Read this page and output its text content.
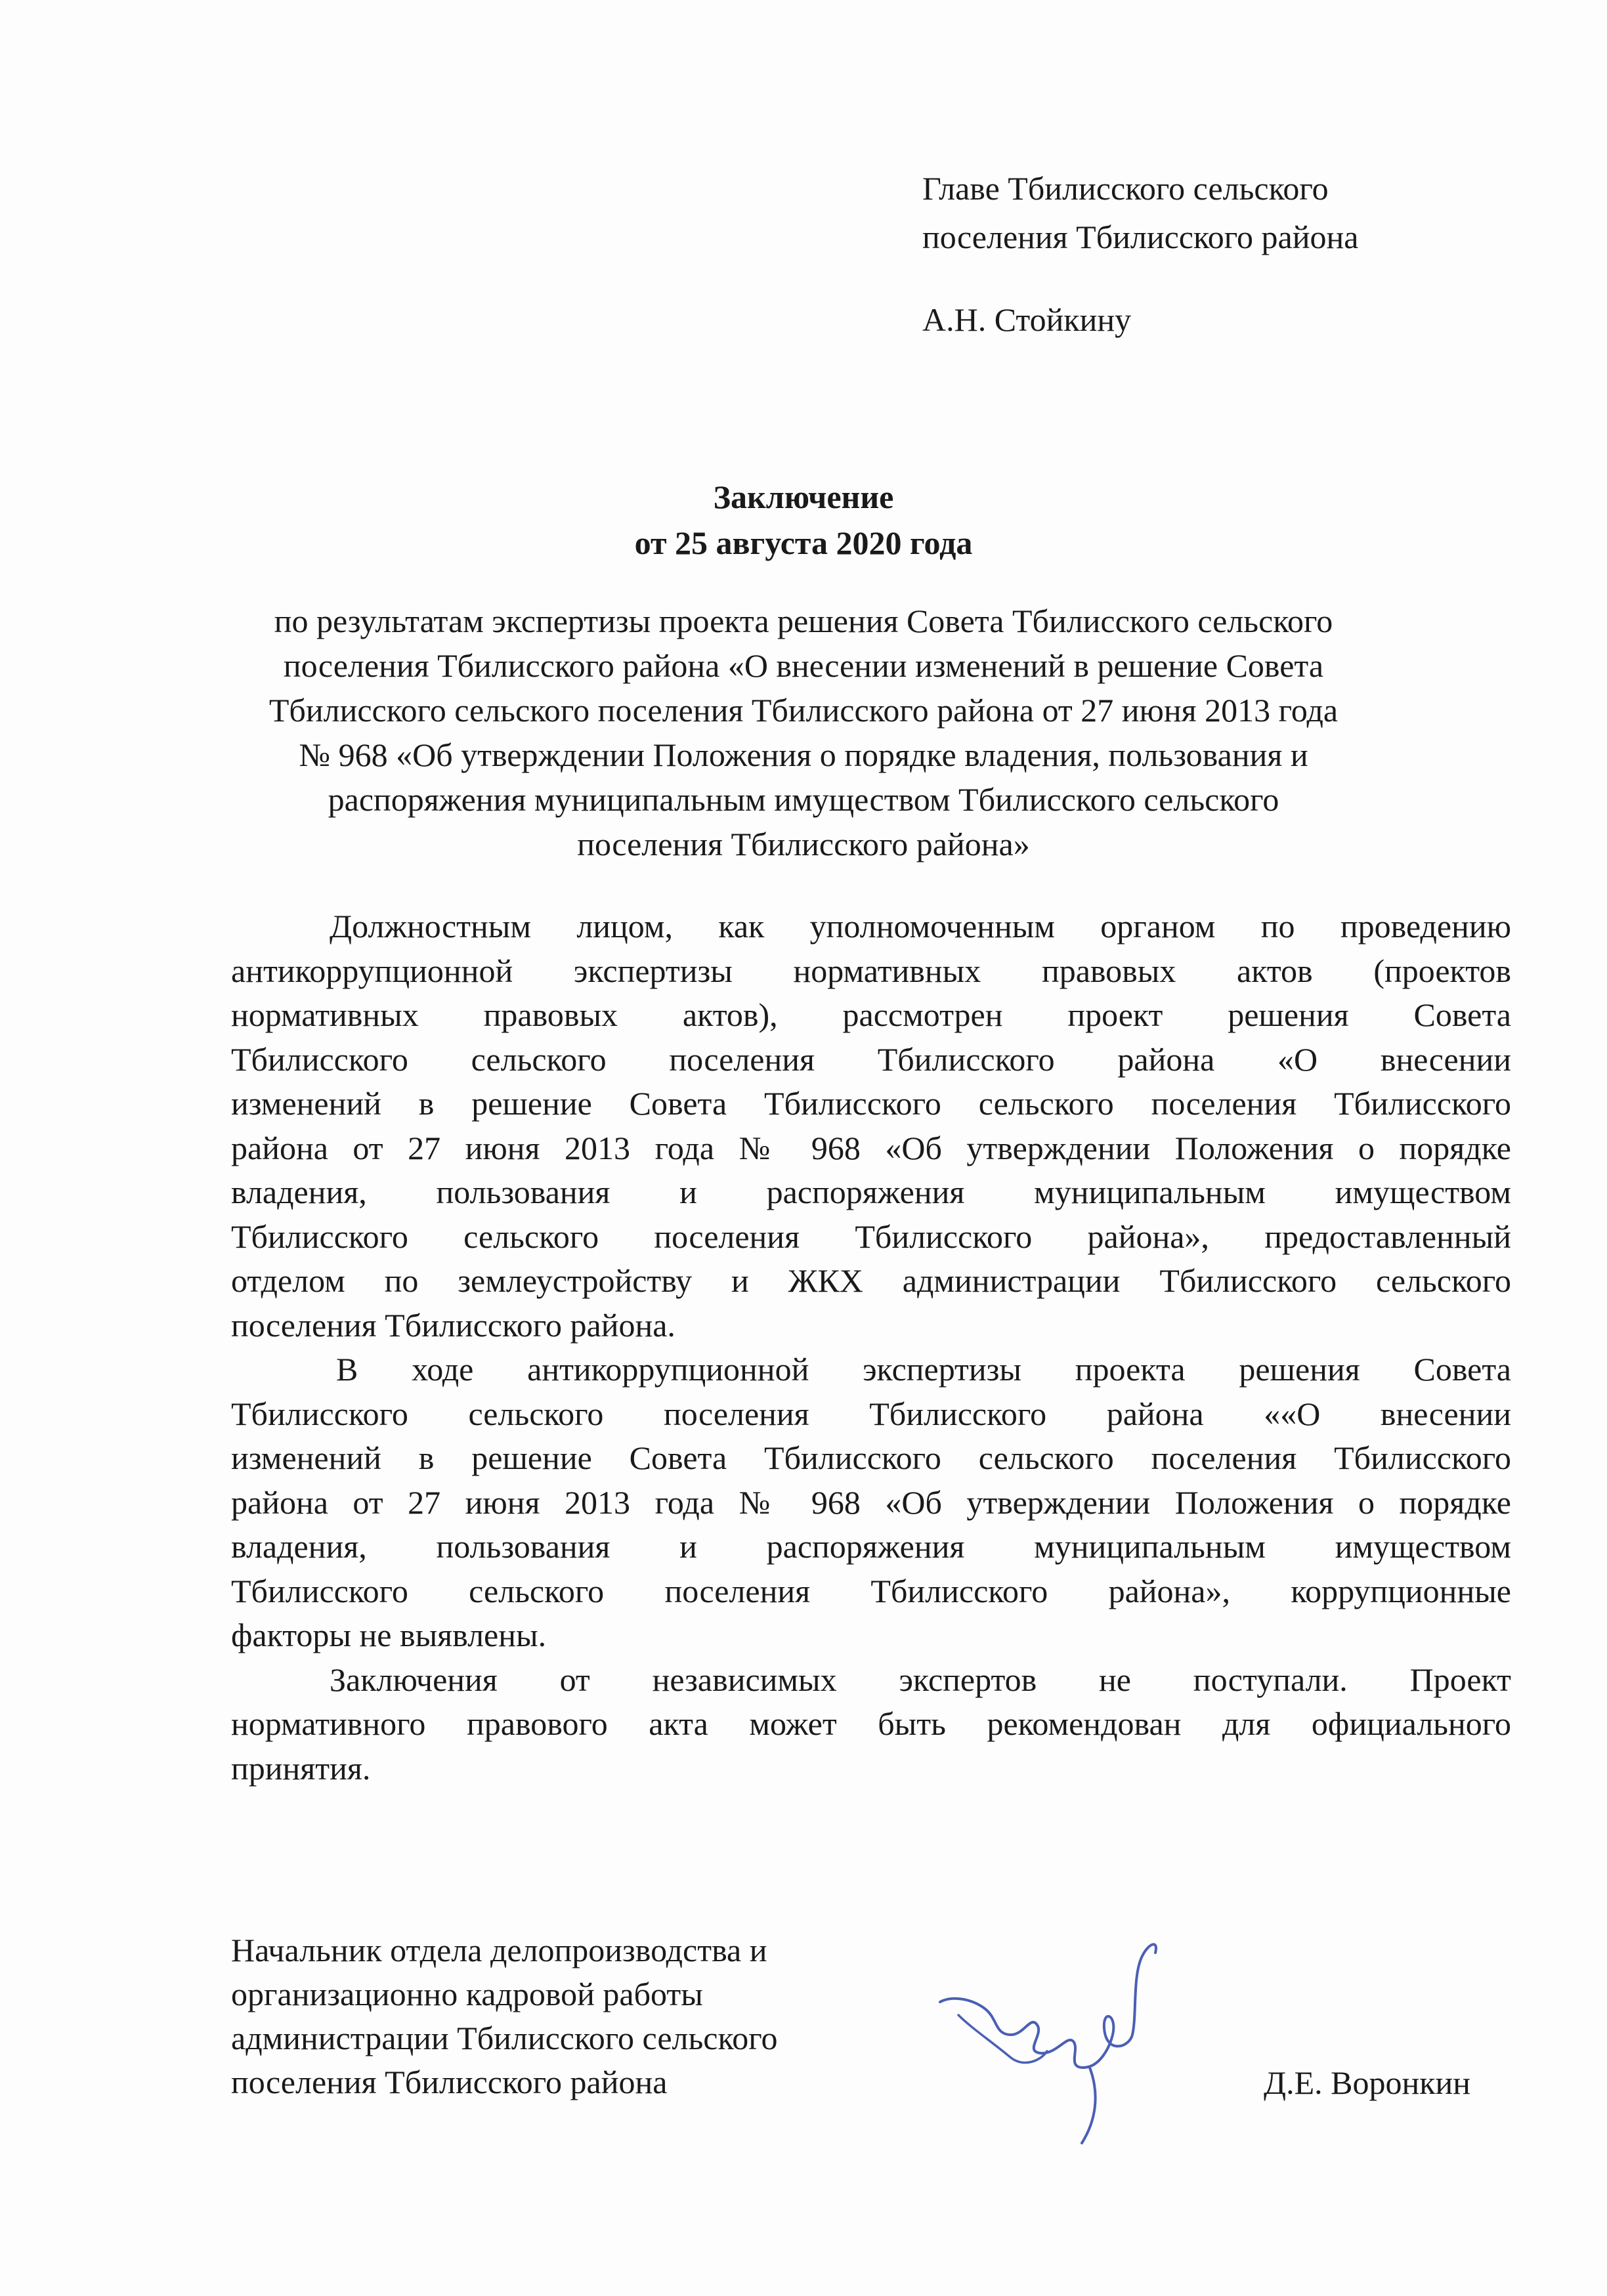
Главе Тбилисского сельского
поселения Тбилисского района
А.Н. Стойкину
Заключение
от 25 августа 2020 года
по результатам экспертизы проекта решения Совета Тбилисского сельского
поселения Тбилисского района «О внесении изменений в решение Совета
Тбилисского сельского поселения Тбилисского района от 27 июня 2013 года
№ 968 «Об утверждении Положения о порядке владения, пользования и
распоряжения муниципальным имуществом Тбилисского сельского
поселения Тбилисского района»
Должностным лицом, как уполномоченным органом по проведению
антикоррупционной экспертизы нормативных правовых актов (проектов
нормативных правовых актов), рассмотрен проект решения Совета
Тбилисского сельского поселения Тбилисского района «О внесении
изменений в решение Совета Тбилисского сельского поселения Тбилисского
района от 27 июня 2013 года № 968 «Об утверждении Положения о порядке
владения, пользования и распоряжения муниципальным имуществом
Тбилисского сельского поселения Тбилисского района», предоставленный
отделом по землеустройству и ЖКХ администрации Тбилисского сельского
поселения Тбилисского района.
В ходе антикоррупционной экспертизы проекта решения Совета
Тбилисского сельского поселения Тбилисского района ««О внесении
изменений в решение Совета Тбилисского сельского поселения Тбилисского
района от 27 июня 2013 года № 968 «Об утверждении Положения о порядке
владения, пользования и распоряжения муниципальным имуществом
Тбилисского сельского поселения Тбилисского района», коррупционные
факторы не выявлены.
Заключения от независимых экспертов не поступали. Проект
нормативного правового акта может быть рекомендован для официального
принятия.
Начальник отдела делопроизводства и
организационно кадровой работы
администрации Тбилисского сельского
поселения Тбилисского района	Д.Е. Воронкин
